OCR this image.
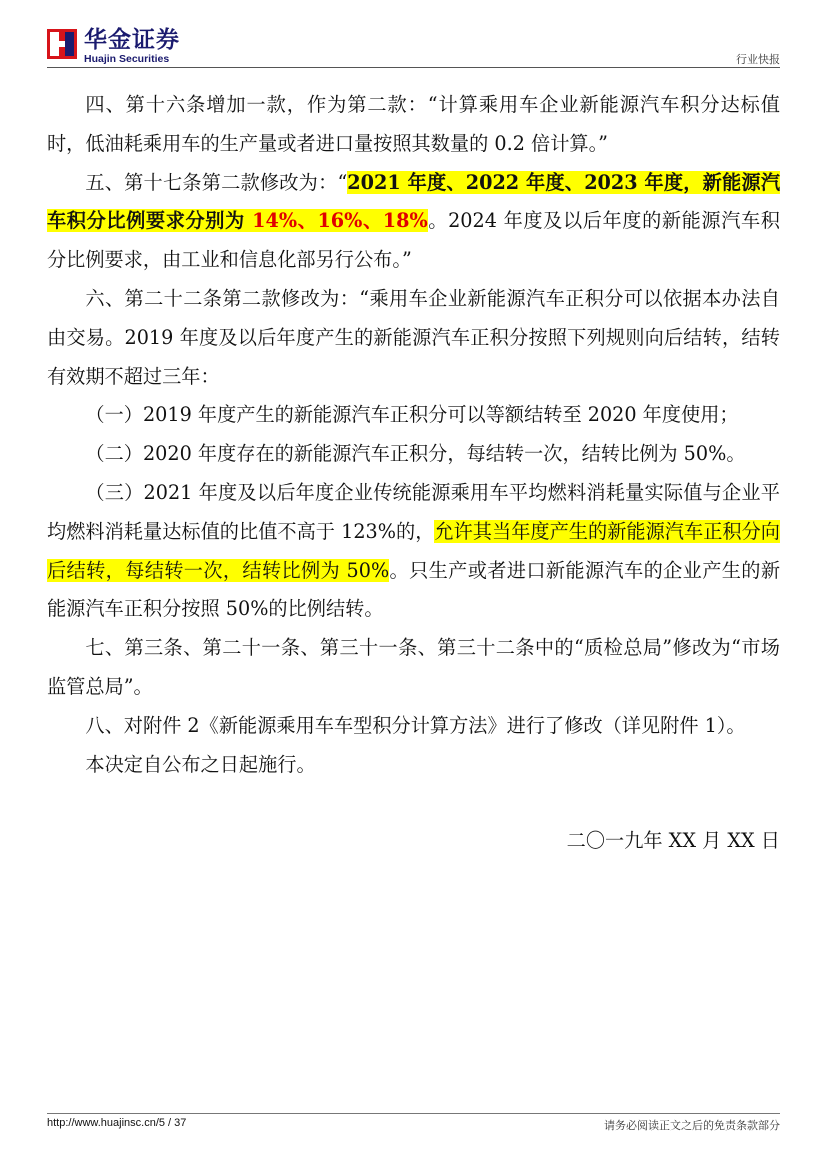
华金证券
Huajin Securities	行业快报

四、第十六条增加一款，作为第二款：“计算乘用车企业新能源汽车积分达标值时，低油耗乘用车的生产量或者进口量按照其数量的 0.2 倍计算。”

五、第十七条第二款修改为：“2021 年度、2022 年度、2023 年度，新能源汽车积分比例要求分别为 14%、16%、18%。2024 年度及以后年度的新能源汽车积分比例要求，由工业和信息化部另行公布。”

六、第二十二条第二款修改为：“乘用车企业新能源汽车正积分可以依据本办法自由交易。2019 年度及以后年度产生的新能源汽车正积分按照下列规则向后结转，结转有效期不超过三年：

（一）2019 年度产生的新能源汽车正积分可以等额结转至 2020 年度使用；

（二）2020 年度存在的新能源汽车正积分，每结转一次，结转比例为 50%。

（三）2021 年度及以后年度企业传统能源乘用车平均燃料消耗量实际值与企业平均燃料消耗量达标值的比值不高于 123%的，允许其当年度产生的新能源汽车正积分向后结转，每结转一次，结转比例为 50%。只生产或者进口新能源汽车的企业产生的新能源汽车正积分按照 50%的比例结转。

七、第三条、第二十一条、第三十一条、第三十二条中的“质检总局”修改为“市场监管总局”。

八、对附件 2《新能源乘用车车型积分计算方法》进行了修改（详见附件 1）。

本决定自公布之日起施行。

二〇一九年 XX 月 XX 日

http://www.huajinsc.cn/5 / 37	请务必阅读正文之后的免责条款部分
